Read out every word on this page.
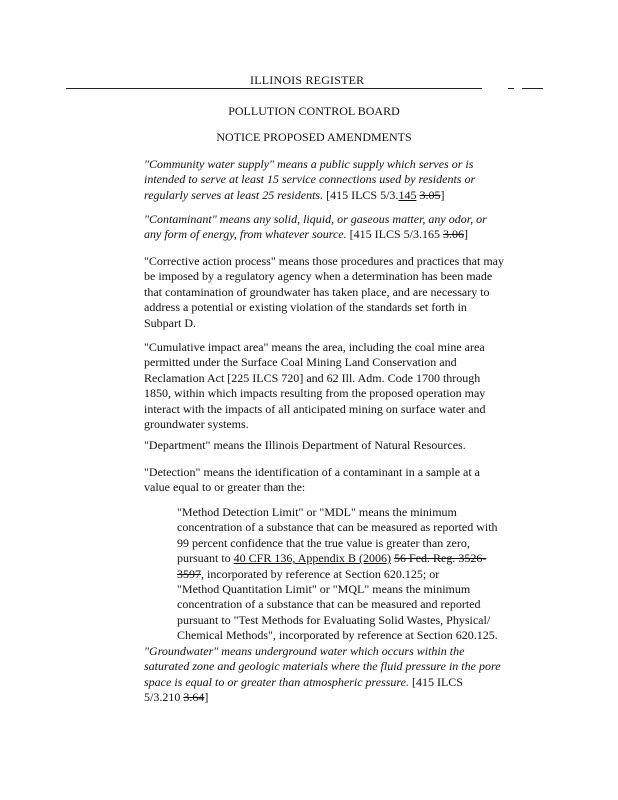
ILLINOIS REGISTER
POLLUTION CONTROL BOARD
NOTICE PROPOSED AMENDMENTS

"Community water supply" means a public supply which serves or is
intended to serve at least 15 service connections used by residents or
regularly serves at least 25 residents. [415 ILCS 5/3.145 3.05]

"Contaminant" means any solid, liquid, or gaseous matter, any odor, or
any form of energy, from whatever source. [415 ILCS 5/3.165 3.06]

"Corrective action process" means those procedures and practices that may
be imposed by a regulatory agency when a determination has been made
that contamination of groundwater has taken place, and are necessary to
address a potential or existing violation of the standards set forth in
Subpart D.

"Cumulative impact area" means the area, including the coal mine area
permitted under the Surface Coal Mining Land Conservation and
Reclamation Act [225 ILCS 720] and 62 Ill. Adm. Code 1700 through
1850, within which impacts resulting from the proposed operation may
interact with the impacts of all anticipated mining on surface water and
groundwater systems.

"Department" means the Illinois Department of Natural Resources.

"Detection" means the identification of a contaminant in a sample at a
value equal to or greater than the:

"Method Detection Limit" or "MDL" means the minimum
concentration of a substance that can be measured as reported with
99 percent confidence that the true value is greater than zero,
pursuant to 40 CFR 136, Appendix B (2006) 56 Fed. Reg. 3526-
3597, incorporated by reference at Section 620.125; or
"Method Quantitation Limit" or "MQL" means the minimum
concentration of a substance that can be measured and reported
pursuant to "Test Methods for Evaluating Solid Wastes, Physical/
Chemical Methods", incorporated by reference at Section 620.125.

"Groundwater" means underground water which occurs within the
saturated zone and geologic materials where the fluid pressure in the pore
space is equal to or greater than atmospheric pressure. [415 ILCS
5/3.210 3.64]
